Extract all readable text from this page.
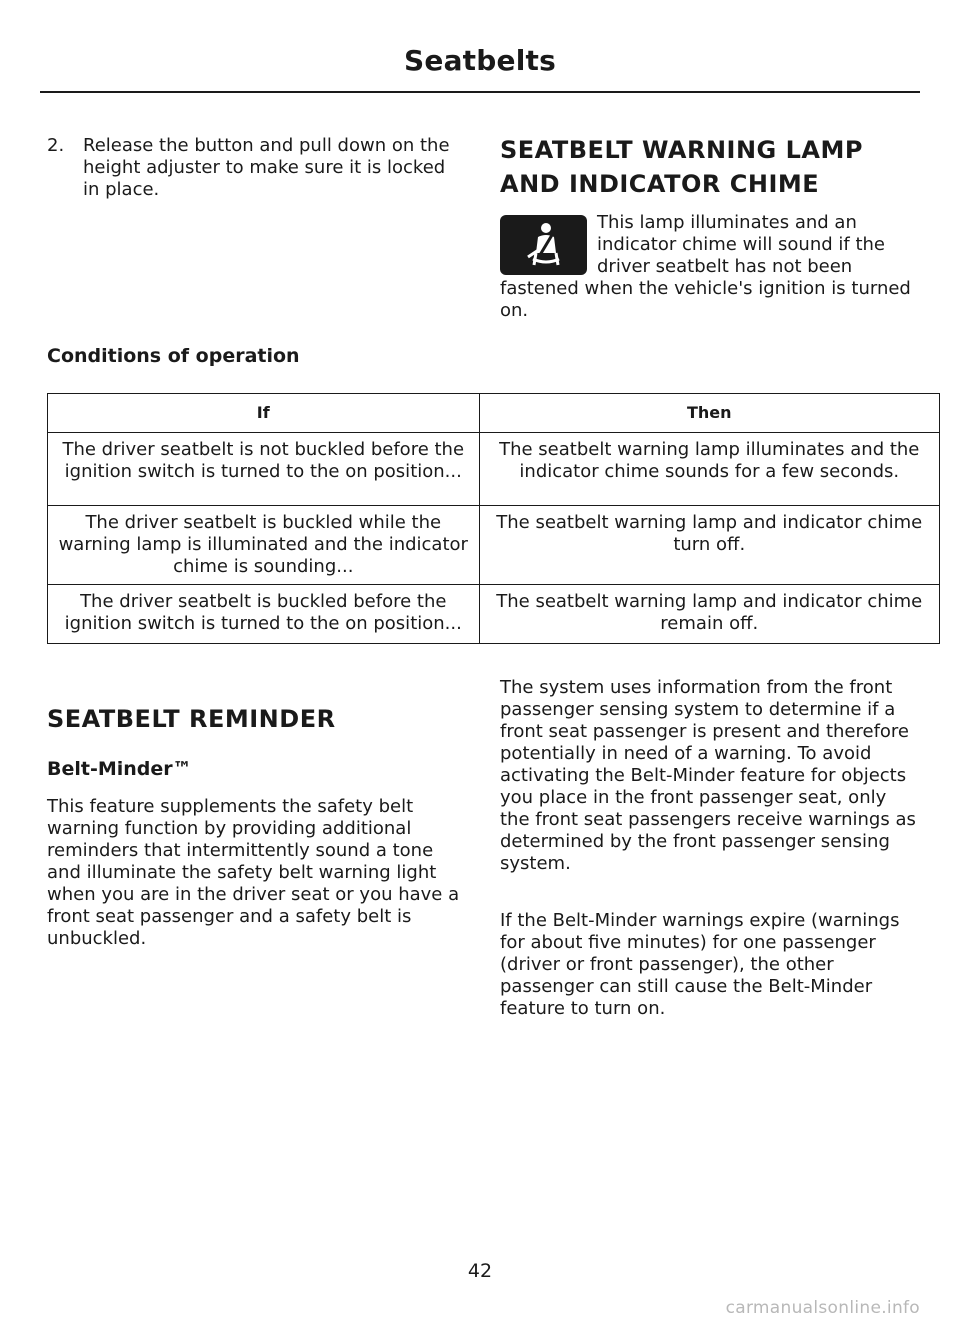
Seatbelts
2. Release the button and pull down on the height adjuster to make sure it is locked in place.
SEATBELT WARNING LAMP AND INDICATOR CHIME
This lamp illuminates and an indicator chime will sound if the driver seatbelt has not been fastened when the vehicle's ignition is turned on.
Conditions of operation
If	Then
The driver seatbelt is not buckled before the ignition switch is turned to the on position...	The seatbelt warning lamp illuminates and the indicator chime sounds for a few seconds.
The driver seatbelt is buckled while the warning lamp is illuminated and the indicator chime is sounding...	The seatbelt warning lamp and indicator chime turn off.
The driver seatbelt is buckled before the ignition switch is turned to the on position...	The seatbelt warning lamp and indicator chime remain off.
SEATBELT REMINDER
Belt-Minder™
This feature supplements the safety belt warning function by providing additional reminders that intermittently sound a tone and illuminate the safety belt warning light when you are in the driver seat or you have a front seat passenger and a safety belt is unbuckled.
The system uses information from the front passenger sensing system to determine if a front seat passenger is present and therefore potentially in need of a warning. To avoid activating the Belt-Minder feature for objects you place in the front passenger seat, only the front seat passengers receive warnings as determined by the front passenger sensing system.
If the Belt-Minder warnings expire (warnings for about five minutes) for one passenger (driver or front passenger), the other passenger can still cause the Belt-Minder feature to turn on.
42
carmanualsonline.info
